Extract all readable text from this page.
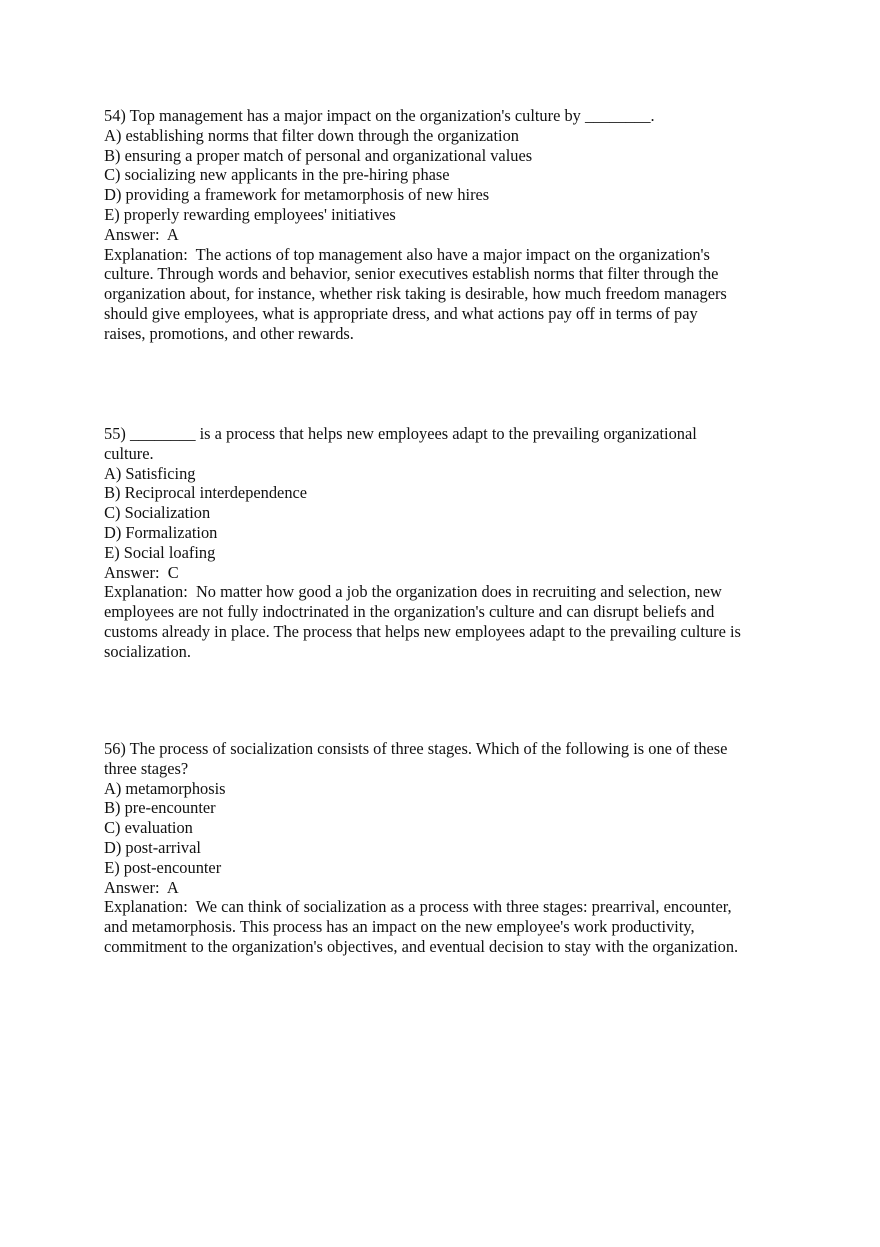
54) Top management has a major impact on the organization's culture by ________.
A) establishing norms that filter down through the organization
B) ensuring a proper match of personal and organizational values
C) socializing new applicants in the pre-hiring phase
D) providing a framework for metamorphosis of new hires
E) properly rewarding employees' initiatives
Answer:  A
Explanation:  The actions of top management also have a major impact on the organization's
culture. Through words and behavior, senior executives establish norms that filter through the
organization about, for instance, whether risk taking is desirable, how much freedom managers
should give employees, what is appropriate dress, and what actions pay off in terms of pay
raises, promotions, and other rewards.
55) ________ is a process that helps new employees adapt to the prevailing organizational
culture.
A) Satisficing
B) Reciprocal interdependence
C) Socialization
D) Formalization
E) Social loafing
Answer:  C
Explanation:  No matter how good a job the organization does in recruiting and selection, new
employees are not fully indoctrinated in the organization's culture and can disrupt beliefs and
customs already in place. The process that helps new employees adapt to the prevailing culture is
socialization.
56) The process of socialization consists of three stages. Which of the following is one of these
three stages?
A) metamorphosis
B) pre-encounter
C) evaluation
D) post-arrival
E) post-encounter
Answer:  A
Explanation:  We can think of socialization as a process with three stages: prearrival, encounter,
and metamorphosis. This process has an impact on the new employee's work productivity,
commitment to the organization's objectives, and eventual decision to stay with the organization.
